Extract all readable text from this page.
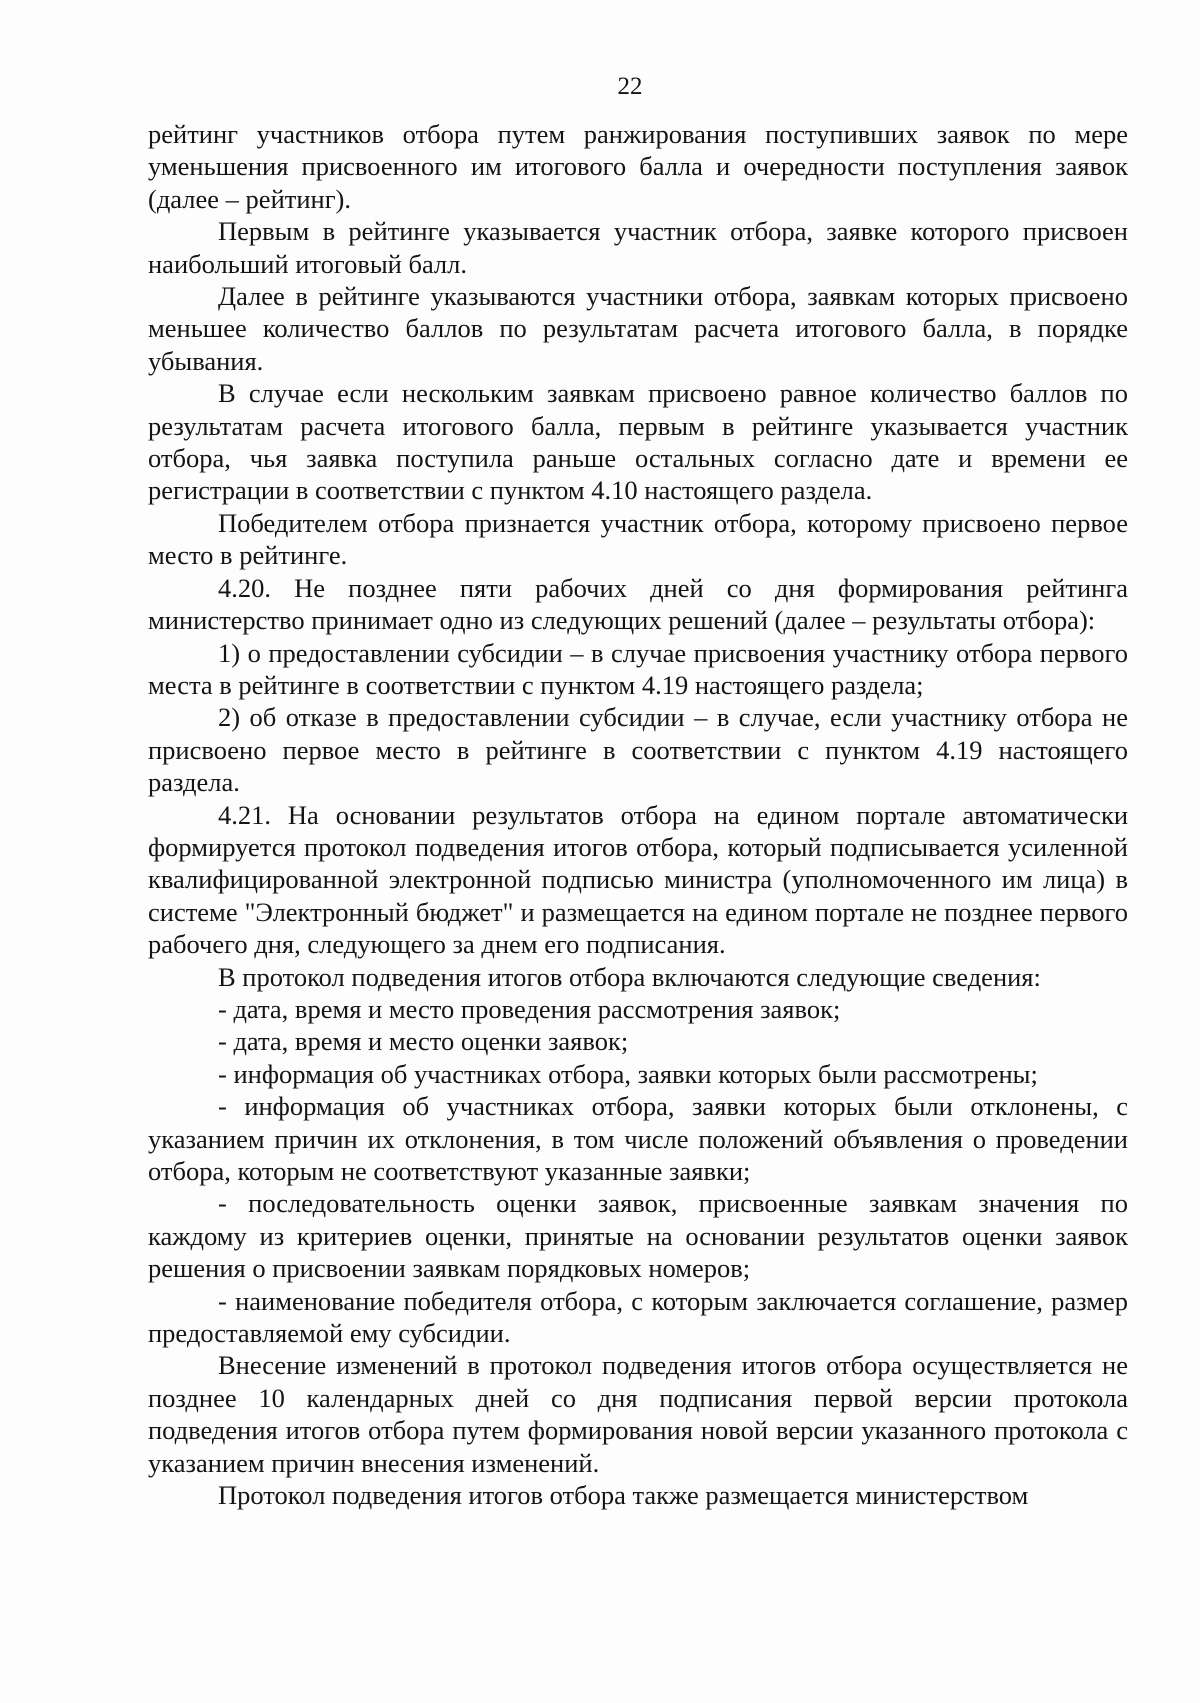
22

рейтинг участников отбора путем ранжирования поступивших заявок по мере уменьшения присвоенного им итогового балла и очередности поступления заявок (далее – рейтинг).

Первым в рейтинге указывается участник отбора, заявке которого присвоен наибольший итоговый балл.

Далее в рейтинге указываются участники отбора, заявкам которых присвоено меньшее количество баллов по результатам расчета итогового балла, в порядке убывания.

В случае если нескольким заявкам присвоено равное количество баллов по результатам расчета итогового балла, первым в рейтинге указывается участник отбора, чья заявка поступила раньше остальных согласно дате и времени ее регистрации в соответствии с пунктом 4.10 настоящего раздела.

Победителем отбора признается участник отбора, которому присвоено первое место в рейтинге.

4.20. Не позднее пяти рабочих дней со дня формирования рейтинга министерство принимает одно из следующих решений (далее – результаты отбора):

1) о предоставлении субсидии – в случае присвоения участнику отбора первого места в рейтинге в соответствии с пунктом 4.19 настоящего раздела;

2) об отказе в предоставлении субсидии – в случае, если участнику отбора не присвоено первое место в рейтинге в соответствии с пунктом 4.19 настоящего раздела.

4.21. На основании результатов отбора на едином портале автоматически формируется протокол подведения итогов отбора, который подписывается усиленной квалифицированной электронной подписью министра (уполномоченного им лица) в системе "Электронный бюджет" и размещается на едином портале не позднее первого рабочего дня, следующего за днем его подписания.

В протокол подведения итогов отбора включаются следующие сведения:

- дата, время и место проведения рассмотрения заявок;

- дата, время и место оценки заявок;

- информация об участниках отбора, заявки которых были рассмотрены;

- информация об участниках отбора, заявки которых были отклонены, с указанием причин их отклонения, в том числе положений объявления о проведении отбора, которым не соответствуют указанные заявки;

- последовательность оценки заявок, присвоенные заявкам значения по каждому из критериев оценки, принятые на основании результатов оценки заявок решения о присвоении заявкам порядковых номеров;

- наименование победителя отбора, с которым заключается соглашение, размер предоставляемой ему субсидии.

Внесение изменений в протокол подведения итогов отбора осуществляется не позднее 10 календарных дней со дня подписания первой версии протокола подведения итогов отбора путем формирования новой версии указанного протокола с указанием причин внесения изменений.

Протокол подведения итогов отбора также размещается министерством
